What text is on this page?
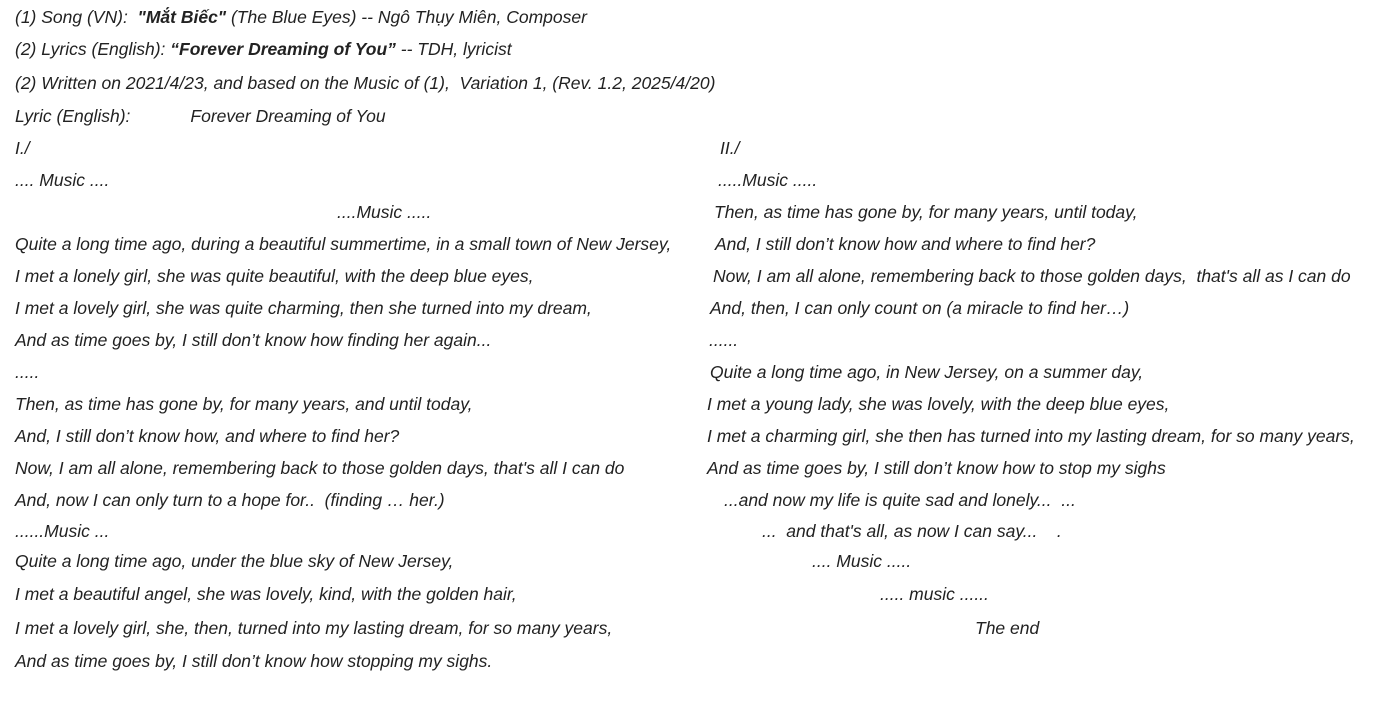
(1) Song (VN):  "Mắt Biếc" (The Blue Eyes) -- Ngô Thụy Miên, Composer

(2) Lyrics (English): “Forever Dreaming of You” -- TDH, lyricist

(2) Written on 2021/4/23, and based on the Music of (1),  Variation 1, (Rev. 1.2, 2025/4/20)

Lyric (English):	Forever Dreaming of You

I./

.... Music ....

....Music .....

Quite a long time ago, during a beautiful summertime, in a small town of New Jersey,

I met a lonely girl, she was quite beautiful, with the deep blue eyes,

I met a lovely girl, she was quite charming, then she turned into my dream,

And as time goes by, I still don’t know how finding her again...

.....

Then, as time has gone by, for many years, and until today,

And, I still don’t know how, and where to find her?

Now, I am all alone, remembering back to those golden days, that's all I can do

And, now I can only turn to a hope for..  (finding … her.)

......Music ...

Quite a long time ago, under the blue sky of New Jersey,

I met a beautiful angel, she was lovely, kind, with the golden hair,

I met a lovely girl, she, then, turned into my lasting dream, for so many years,

And as time goes by, I still don’t know how stopping my sighs.

II./

.....Music .....

Then, as time has gone by, for many years, until today,

And, I still don’t know how and where to find her?

Now, I am all alone, remembering back to those golden days,  that's all as I can do

And, then, I can only count on (a miracle to find her…)

......

Quite a long time ago, in New Jersey, on a summer day,

I met a young lady, she was lovely, with the deep blue eyes,

I met a charming girl, she then has turned into my lasting dream, for so many years,

And as time goes by, I still don’t know how to stop my sighs

...and now my life is quite sad and lonely...  ...

...  and that's all, as now I can say...    .

.... Music .....

..... music ......

The end
